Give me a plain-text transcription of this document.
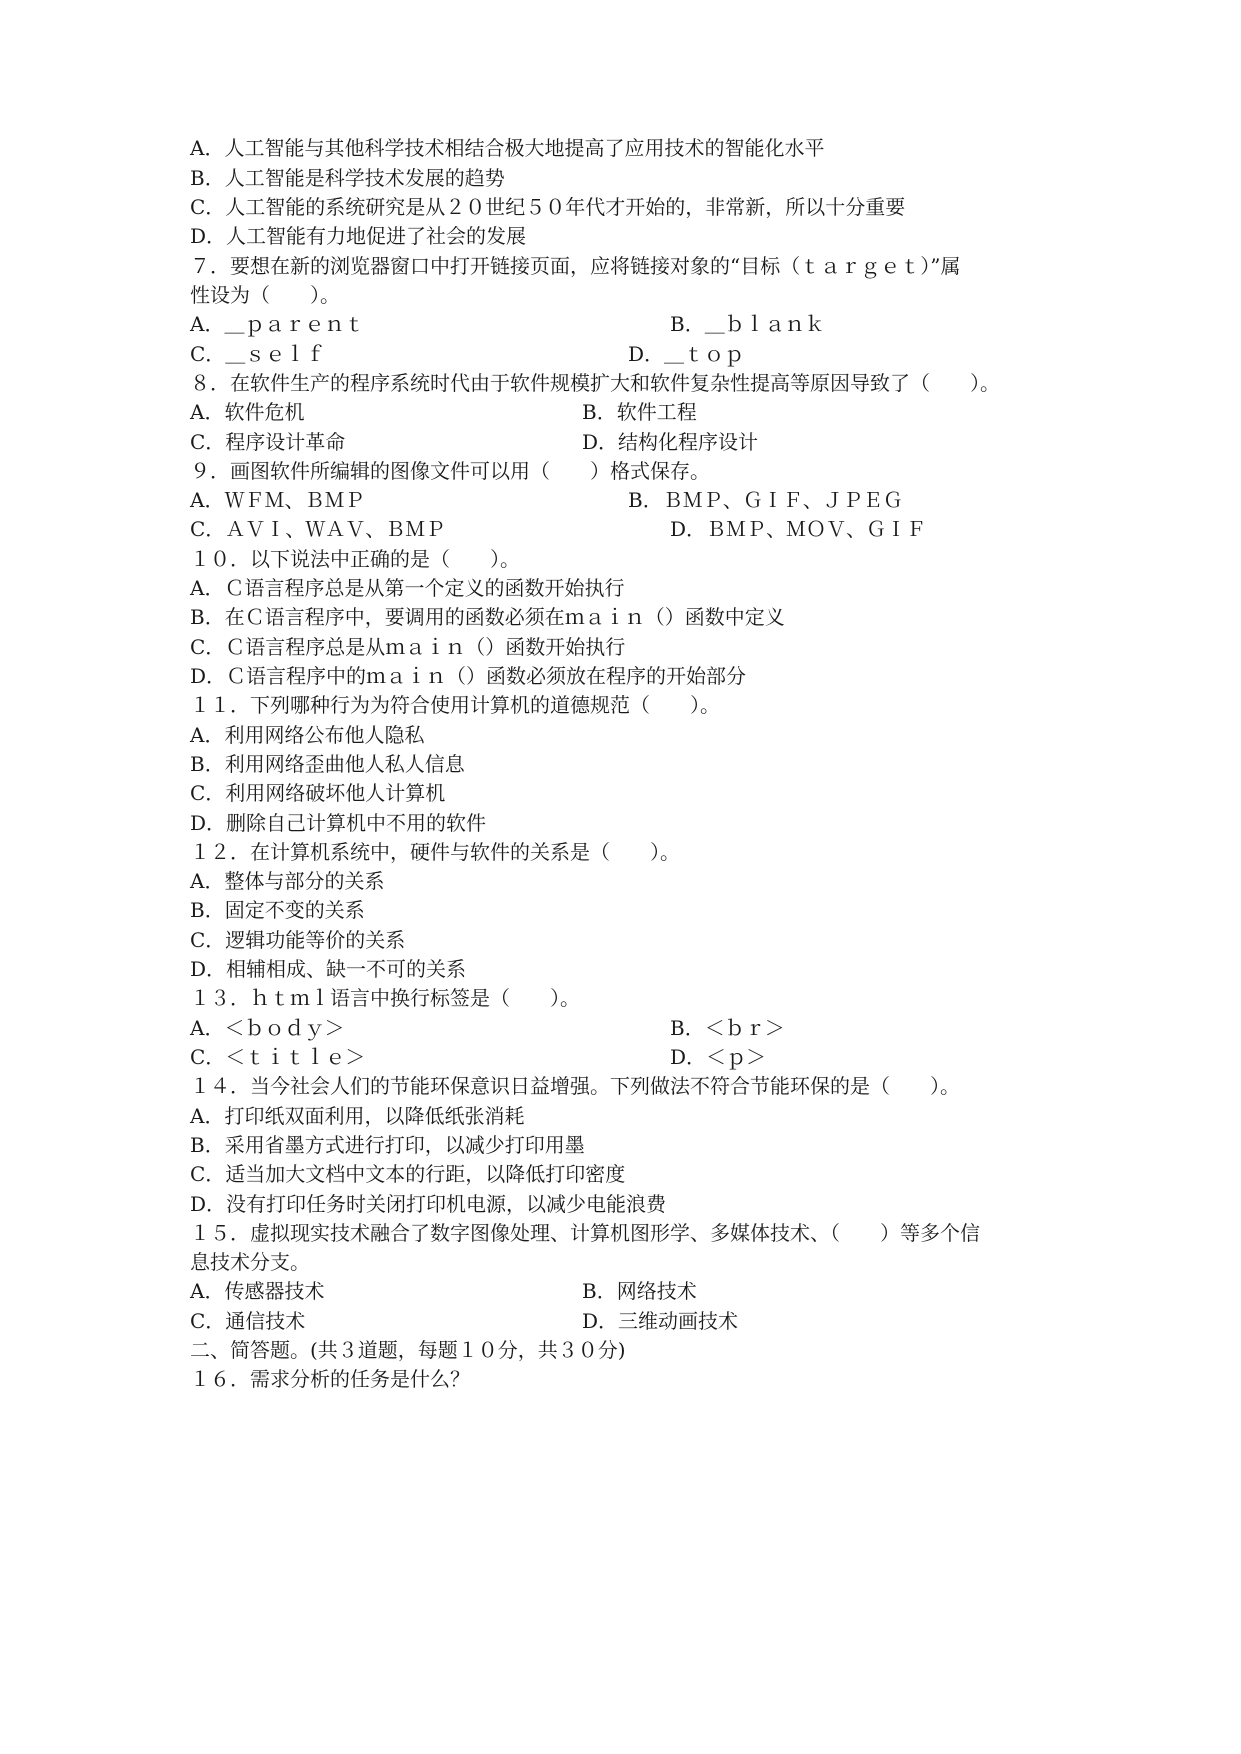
A．人工智能与其他科学技术相结合极大地提高了应用技术的智能化水平
B．人工智能是科学技术发展的趋势
C．人工智能的系统研究是从２０世纪５０年代才开始的，非常新，所以十分重要
D．人工智能有力地促进了社会的发展
７．要想在新的浏览器窗口中打开链接页面，应将链接对象的“目标（ｔａｒｇｅｔ）”属
性设为（　　）。
A．＿ｐａｒｅｎｔ	B．＿ｂｌａｎｋ
C．＿ｓｅｌｆ	D．＿ｔｏｐ
８．在软件生产的程序系统时代由于软件规模扩大和软件复杂性提高等原因导致了（　　）。
A．软件危机	B．软件工程
C．程序设计革命	D．结构化程序设计
９．画图软件所编辑的图像文件可以用（　　）格式保存。
A．ＷＦＭ、ＢＭＰ	B．ＢＭＰ、ＧＩＦ、ＪＰＥＧ
C．ＡＶＩ、ＷＡＶ、ＢＭＰ	D．ＢＭＰ、ＭＯＶ、ＧＩＦ
１０．以下说法中正确的是（　　）。
A．Ｃ语言程序总是从第一个定义的函数开始执行
B．在Ｃ语言程序中，要调用的函数必须在ｍａｉｎ（）函数中定义
C．Ｃ语言程序总是从ｍａｉｎ（）函数开始执行
D．Ｃ语言程序中的ｍａｉｎ（）函数必须放在程序的开始部分
１１．下列哪种行为为符合使用计算机的道德规范（　　）。
A．利用网络公布他人隐私
B．利用网络歪曲他人私人信息
C．利用网络破坏他人计算机
D．删除自己计算机中不用的软件
１２．在计算机系统中，硬件与软件的关系是（　　）。
A．整体与部分的关系
B．固定不变的关系
C．逻辑功能等价的关系
D．相辅相成、缺一不可的关系
１３．ｈｔｍｌ语言中换行标签是（　　）。
A．＜ｂｏｄｙ＞	B．＜ｂｒ＞
C．＜ｔｉｔｌｅ＞	D．＜ｐ＞
１４．当今社会人们的节能环保意识日益增强。下列做法不符合节能环保的是（　　）。
A．打印纸双面利用，以降低纸张消耗
B．采用省墨方式进行打印，以减少打印用墨
C．适当加大文档中文本的行距，以降低打印密度
D．没有打印任务时关闭打印机电源，以减少电能浪费
１５．虚拟现实技术融合了数字图像处理、计算机图形学、多媒体技术、（　　）等多个信
息技术分支。
A．传感器技术	B．网络技术
C．通信技术	D．三维动画技术
二、简答题。(共３道题，每题１０分，共３０分)
１６．需求分析的任务是什么？
